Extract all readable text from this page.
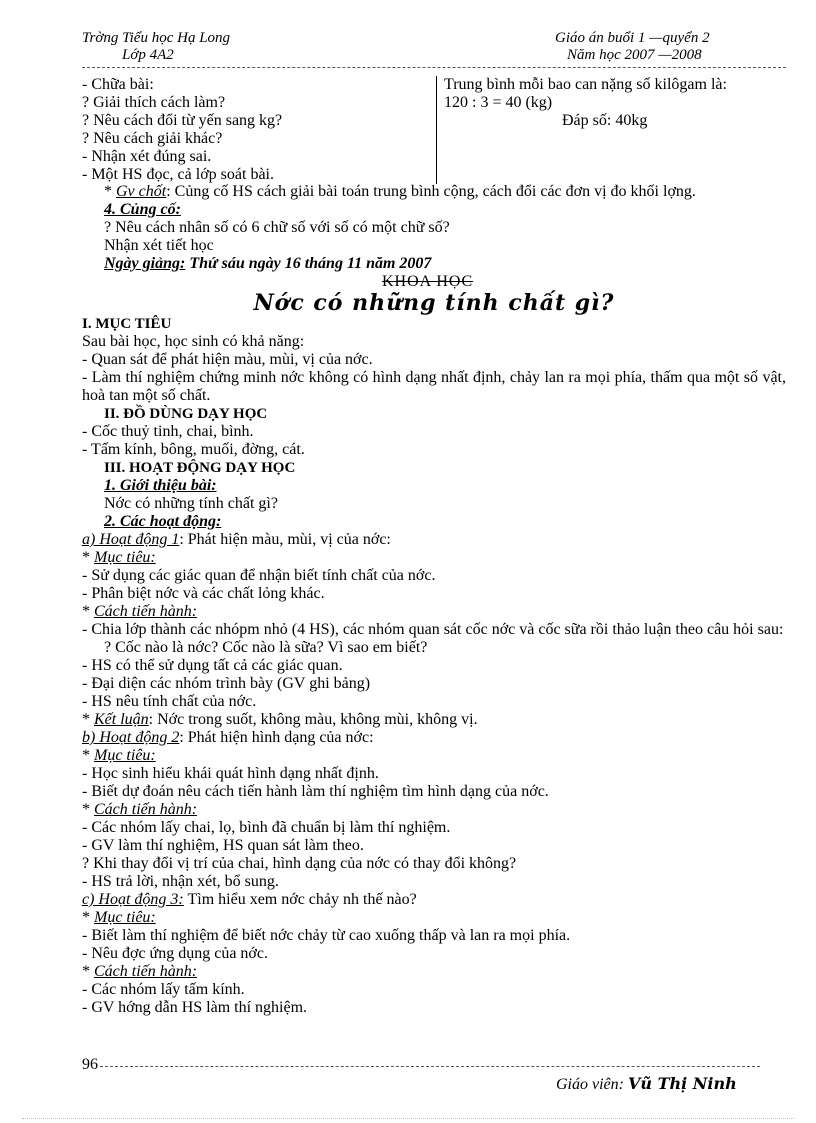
Trờng Tiểu học Hạ Long
Lớp 4A2
Giáo án buổi 1 —quyển 2
Năm học 2007 —2008
- Chữa bài:
? Giải thích cách làm?
? Nêu cách đổi từ yến sang kg?
? Nêu cách giải khác?
- Nhận xét đúng sai.
- Một HS đọc, cả lớp soát bài.
Trung bình mỗi bao can nặng số kilôgam là:
120 : 3 = 40 (kg)
Đáp số: 40kg
* Gv chốt: Củng cố HS cách giải bài toán trung bình cộng, cách đổi các đơn vị đo khối lợng.
4. Củng cố:
? Nêu cách nhân số có 6 chữ số với số có một chữ số?
Nhận xét tiết học
Ngày giảng: Thứ sáu ngày 16 tháng 11 năm 2007
KHOA HỌC
Nớc có những tính chất gì?
I. MỤC TIÊU
Sau bài học, học sinh có khả năng:
- Quan sát để phát hiện màu, mùi, vị của nớc.
- Làm thí nghiệm chứng minh nớc không có hình dạng nhất định, chảy lan ra mọi phía, thấm qua một số vật, hoà tan một số chất.
II. ĐỒ DÙNG DẠY HỌC
- Cốc thuỷ tinh, chai, bình.
- Tấm kính, bông, muối, đờng, cát.
III. HOẠT ĐỘNG DẠY HỌC
1. Giới thiệu bài:
Nớc có những tính chất gì?
2. Các hoạt động:
a) Hoạt động 1: Phát hiện màu, mùi, vị của nớc:
* Mục tiêu:
- Sử dụng các giác quan để nhận biết tính chất của nớc.
- Phân biệt nớc và các chất lỏng khác.
* Cách tiến hành:
- Chia lớp thành các nhópm nhỏ (4 HS), các nhóm quan sát cốc nớc và cốc sữa rồi thảo luận theo câu hỏi sau:
? Cốc nào là nớc? Cốc nào là sữa? Vì sao em biết?
- HS có thể sử dụng tất cả các giác quan.
- Đại diện các nhóm trình bày (GV ghi bảng)
- HS nêu tính chất của nớc.
* Kết luận: Nớc trong suốt, không màu, không mùi, không vị.
b) Hoạt động 2: Phát hiện hình dạng của nớc:
* Mục tiêu:
- Học sinh hiểu khái quát hình dạng nhất định.
- Biết dự đoán nêu cách tiến hành làm thí nghiệm tìm hình dạng của nớc.
* Cách tiến hành:
- Các nhóm lấy chai, lọ, bình đã chuẩn bị làm thí nghiệm.
- GV làm thí nghiệm, HS quan sát làm theo.
? Khi thay đổi vị trí của chai, hình dạng của nớc có thay đổi không?
- HS trả lời, nhận xét, bổ sung.
c) Hoạt động 3: Tìm hiểu xem nớc chảy nh thế nào?
* Mục tiêu:
- Biết làm thí nghiệm để biết nớc chảy từ cao xuống thấp và lan ra mọi phía.
- Nêu đợc ứng dụng của nớc.
* Cách tiến hành:
- Các nhóm lấy tấm kính.
- GV hớng dẫn HS làm thí nghiệm.
96
Giáo viên: Vũ Thị Ninh
